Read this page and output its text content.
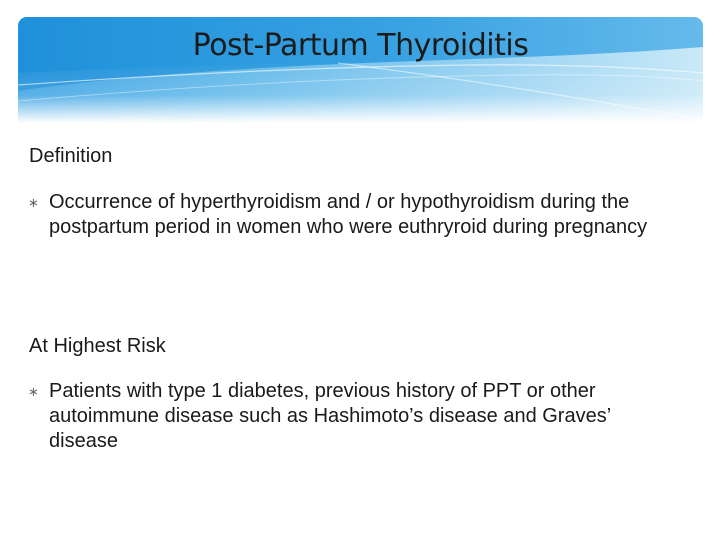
Post-Partum Thyroiditis
Definition
∗ Occurrence of hyperthyroidism and / or hypothyroidism during the postpartum period in women who were euthryroid during pregnancy
At Highest Risk
∗ Patients with type 1 diabetes, previous history of PPT or other autoimmune disease such as Hashimoto’s disease and Graves’ disease
